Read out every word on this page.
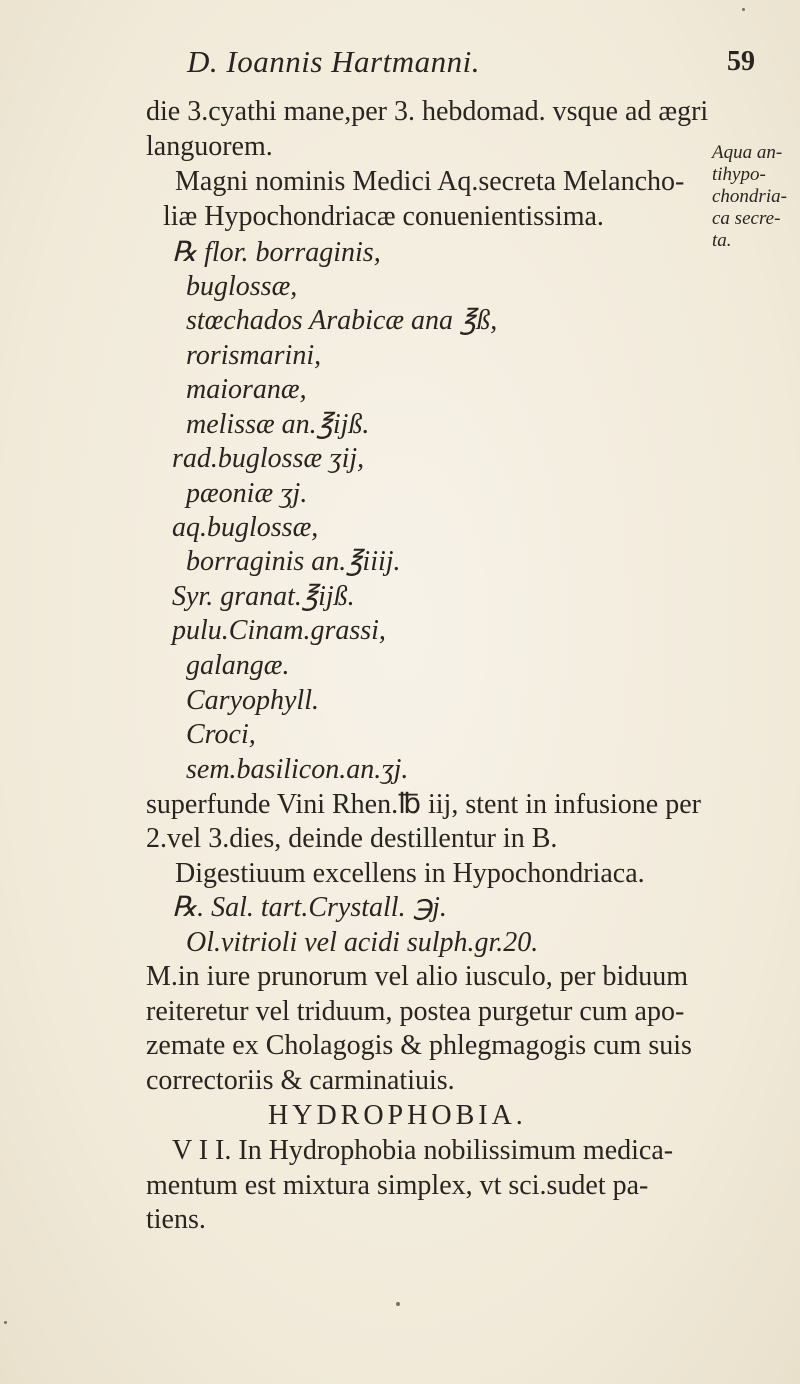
D. Ioannis Hartmanni.	59
Aqua an-
tihypo-
chondria-
ca secre-
ta.
die 3.cyathi mane,per 3. hebdomad. vsque ad ægri
languorem.
Magni nominis Medici Aq.secreta Melancho-
liæ Hypochondriacæ conuenientissima.
℞ flor. borraginis,
buglossæ,
stœchados Arabicæ ana ℥ß,
rorismarini,
maioranæ,
melissæ an.℥ijß.
rad.buglossæ ʒij,
pæoniæ ʒj.
aq.buglossæ,
borraginis an.℥iiij.
Syr. granat.℥ijß.
pulu.Cinam.grassi,
galangæ.
Caryophyll.
Croci,
sem.basilicon.an.ʒj.
superfunde Vini Rhen.℔ iij, stent in infusione per
2.vel 3.dies, deinde destillentur in B.
Digestiuum excellens in Hypochondriaca.
℞. Sal. tart.Crystall. ℈j.
Ol.vitrioli vel acidi sulph.gr.20.
M.in iure prunorum vel alio iusculo, per biduum
reiteretur vel triduum, postea purgetur cum apo-
zemate ex Cholagogis & phlegmagogis cum suis
correctoriis & carminatiuis.
HYDROPHOBIA.
V I I. In Hydrophobia nobilissimum medica-
mentum est mixtura simplex, vt sci.sudet pa-
tiens.
